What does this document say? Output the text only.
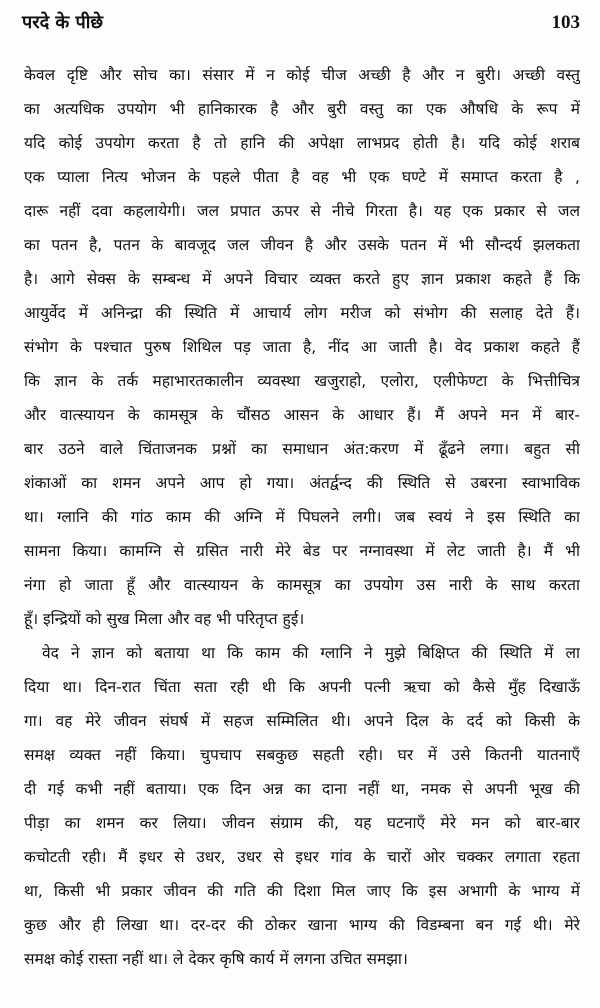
परदे के पीछे	103
केवल दृष्टि और सोच का। संसार में न कोई चीज अच्छी है और न बुरी। अच्छी वस्तु
का अत्यधिक उपयोग भी हानिकारक है और बुरी वस्तु का एक औषधि के रूप में
यदि कोई उपयोग करता है तो हानि की अपेक्षा लाभप्रद होती है। यदि कोई शराब
एक प्याला नित्य भोजन के पहले पीता है वह भी एक घण्टे में समाप्त करता है ,
दारू नहीं दवा कहलायेगी। जल प्रपात ऊपर से नीचे गिरता है। यह एक प्रकार से जल
का पतन है, पतन के बावजूद जल जीवन है और उसके पतन में भी सौन्दर्य झलकता
है। आगे सेक्स के सम्बन्ध में अपने विचार व्यक्त करते हुए ज्ञान प्रकाश कहते हैं कि
आयुर्वेद में अनिन्द्रा की स्थिति में आचार्य लोग मरीज को संभोग की सलाह देते हैं।
संभोग के पश्चात पुरुष शिथिल पड़ जाता है, नींद आ जाती है। वेद प्रकाश कहते हैं
कि ज्ञान के तर्क महाभारतकालीन व्यवस्था खजुराहो, एलोरा, एलीफेण्टा के भित्तीचित्र
और वात्स्यायन के कामसूत्र के चौंसठ आसन के आधार हैं। मैं अपने मन में बार-
बार उठने वाले चिंताजनक प्रश्नों का समाधान अंत:करण में ढूँढने लगा। बहुत सी
शंकाओं का शमन अपने आप हो गया। अंतर्द्वन्द की स्थिति से उबरना स्वाभाविक
था। ग्लानि की गांठ काम की अग्नि में पिघलने लगी। जब स्वयं ने इस स्थिति का
सामना किया। कामग्नि से ग्रसित नारी मेरे बेड पर नग्नावस्था में लेट जाती है। मैं भी
नंगा हो जाता हूँ और वात्स्यायन के कामसूत्र का उपयोग उस नारी के साथ करता
हूँ। इन्द्रियों को सुख मिला और वह भी परितृप्त हुई।
वेद ने ज्ञान को बताया था कि काम की ग्लानि ने मुझे बिक्षिप्त की स्थिति में ला
दिया था। दिन-रात चिंता सता रही थी कि अपनी पत्नी ऋचा को कैसे मुँह दिखाऊँ
गा। वह मेरे जीवन संघर्ष में सहज सम्मिलित थी। अपने दिल के दर्द को किसी के
समक्ष व्यक्त नहीं किया। चुपचाप सबकुछ सहती रही। घर में उसे कितनी यातनाएँ
दी गई कभी नहीं बताया। एक दिन अन्न का दाना नहीं था, नमक से अपनी भूख की
पीड़ा का शमन कर लिया। जीवन संग्राम की, यह घटनाएँ मेरे मन को बार-बार
कचोटती रही। मैं इधर से उधर, उधर से इधर गांव के चारों ओर चक्कर लगाता रहता
था, किसी भी प्रकार जीवन की गति की दिशा मिल जाए कि इस अभागी के भाग्य में
कुछ और ही लिखा था। दर-दर की ठोकर खाना भाग्य की विडम्बना बन गई थी। मेरे
समक्ष कोई रास्ता नहीं था। ले देकर कृषि कार्य में लगना उचित समझा।
